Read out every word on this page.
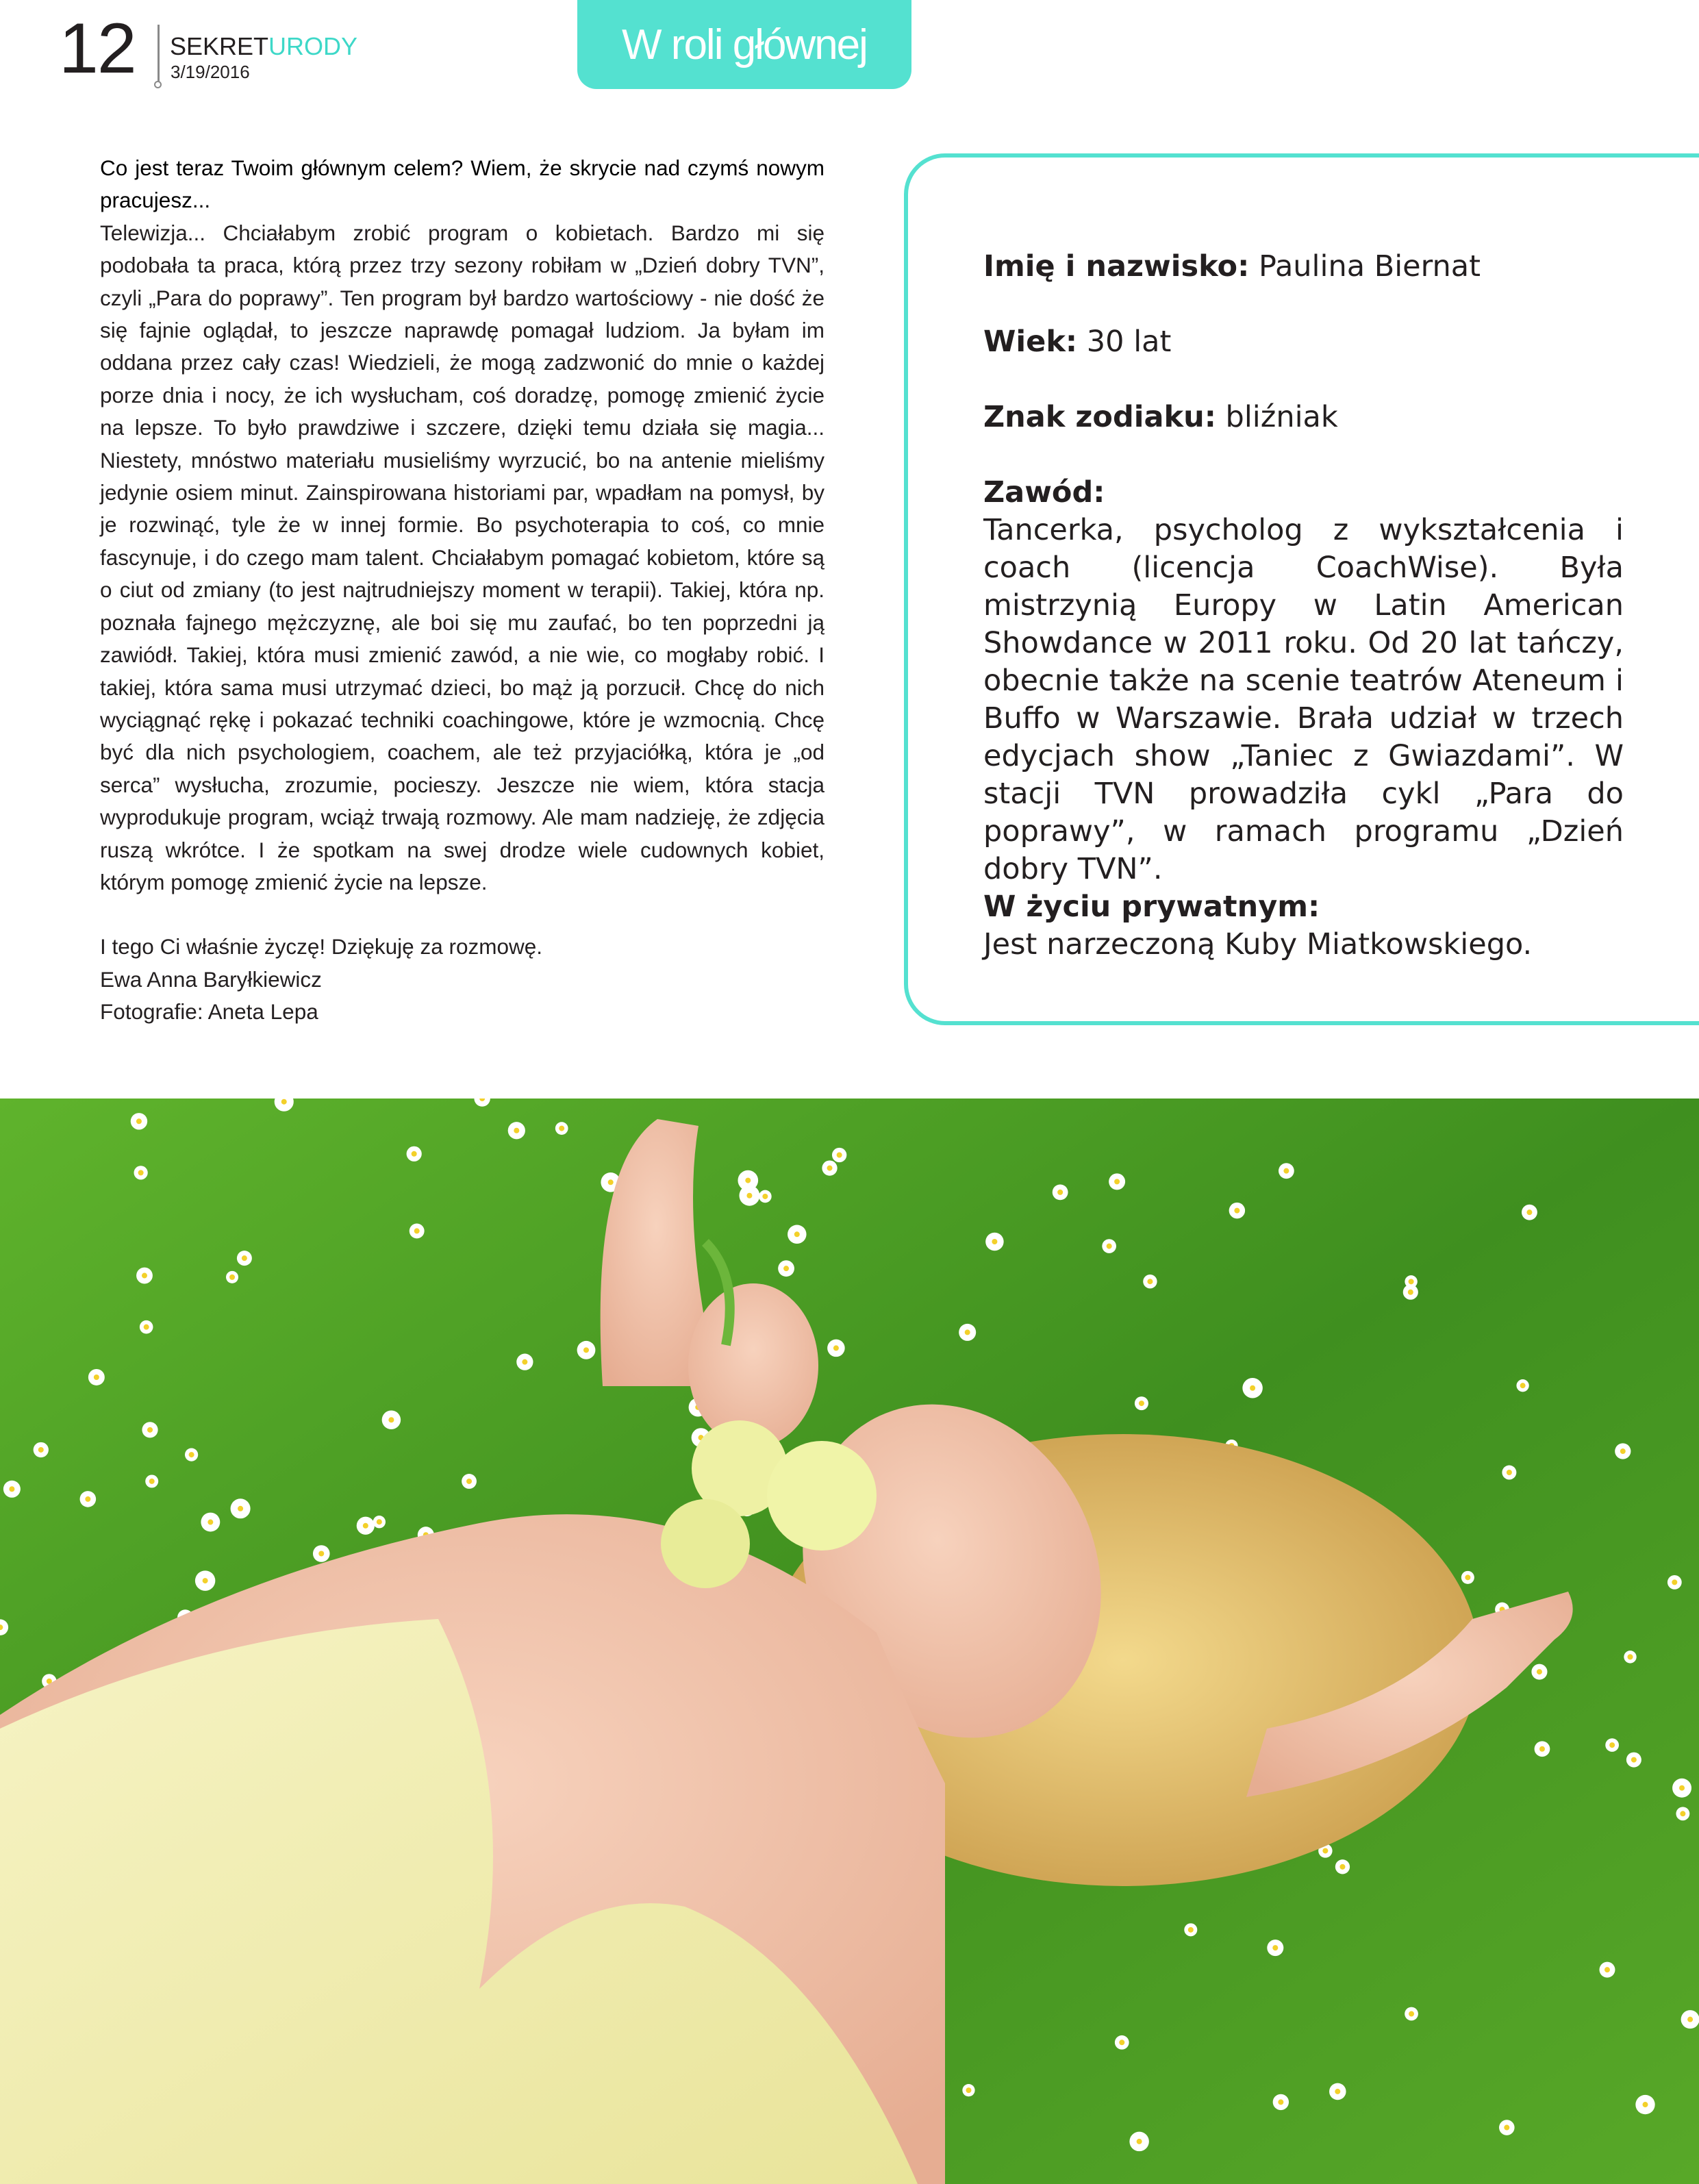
12 SEKRETURODY
3/19/2016
W roli głównej

Co jest teraz Twoim głównym celem? Wiem, że skrycie nad czymś nowym pracujesz...

Telewizja... Chciałabym zrobić program o kobietach. Bardzo mi się podobała ta praca, którą przez trzy sezony robiłam w „Dzień dobry TVN”, czyli „Para do poprawy”. Ten program był bardzo wartościowy - nie dość że się fajnie oglądał, to jeszcze naprawdę pomagał ludziom. Ja byłam im oddana przez cały czas! Wiedzieli, że mogą zadzwonić do mnie o każdej porze dnia i nocy, że ich wysłucham, coś doradzę, pomogę zmienić życie na lepsze. To było prawdziwe i szczere, dzięki temu działa się magia... Niestety, mnóstwo materiału musieliśmy wyrzucić, bo na antenie mieliśmy jedynie osiem minut. Zainspirowana historiami par, wpadłam na pomysł, by je rozwinąć, tyle że w innej formie. Bo psychoterapia to coś, co mnie fascynuje, i do czego mam talent. Chciałabym pomagać kobietom, które są o ciut od zmiany (to jest najtrudniejszy moment w terapii). Takiej, która np. poznała fajnego mężczyznę, ale boi się mu zaufać, bo ten poprzedni ją zawiódł. Takiej, która musi zmienić zawód, a nie wie, co mogłaby robić. I takiej, która sama musi utrzymać dzieci, bo mąż ją porzucił. Chcę do nich wyciągnąć rękę i pokazać techniki coachingowe, które je wzmocnią. Chcę być dla nich psychologiem, coachem, ale też przyjaciółką, która je „od serca” wysłucha, zrozumie, pocieszy. Jeszcze nie wiem, która stacja wyprodukuje program, wciąż trwają rozmowy. Ale mam nadzieję, że zdjęcia ruszą wkrótce. I że spotkam na swej drodze wiele cudownych kobiet, którym pomogę zmienić życie na lepsze.

I tego Ci właśnie życzę! Dziękuję za rozmowę.

Ewa Anna Baryłkiewicz

Fotografie: Aneta Lepa

Imię i nazwisko: Paulina Biernat

Wiek: 30 lat

Znak zodiaku: bliźniak

Zawód:

Tancerka, psycholog z wykształcenia i coach (licencja CoachWise). Była mistrzynią Europy w Latin American Showdance w 2011 roku. Od 20 lat tańczy, obecnie także na scenie teatrów Ateneum i Buffo w Warszawie. Brała udział w trzech edycjach show „Taniec z Gwiazdami”. W stacji TVN prowadziła cykl „Para do poprawy”, w ramach programu „Dzień dobry TVN”.

W życiu prywatnym:

Jest narzeczoną Kuby Miatkowskiego.
